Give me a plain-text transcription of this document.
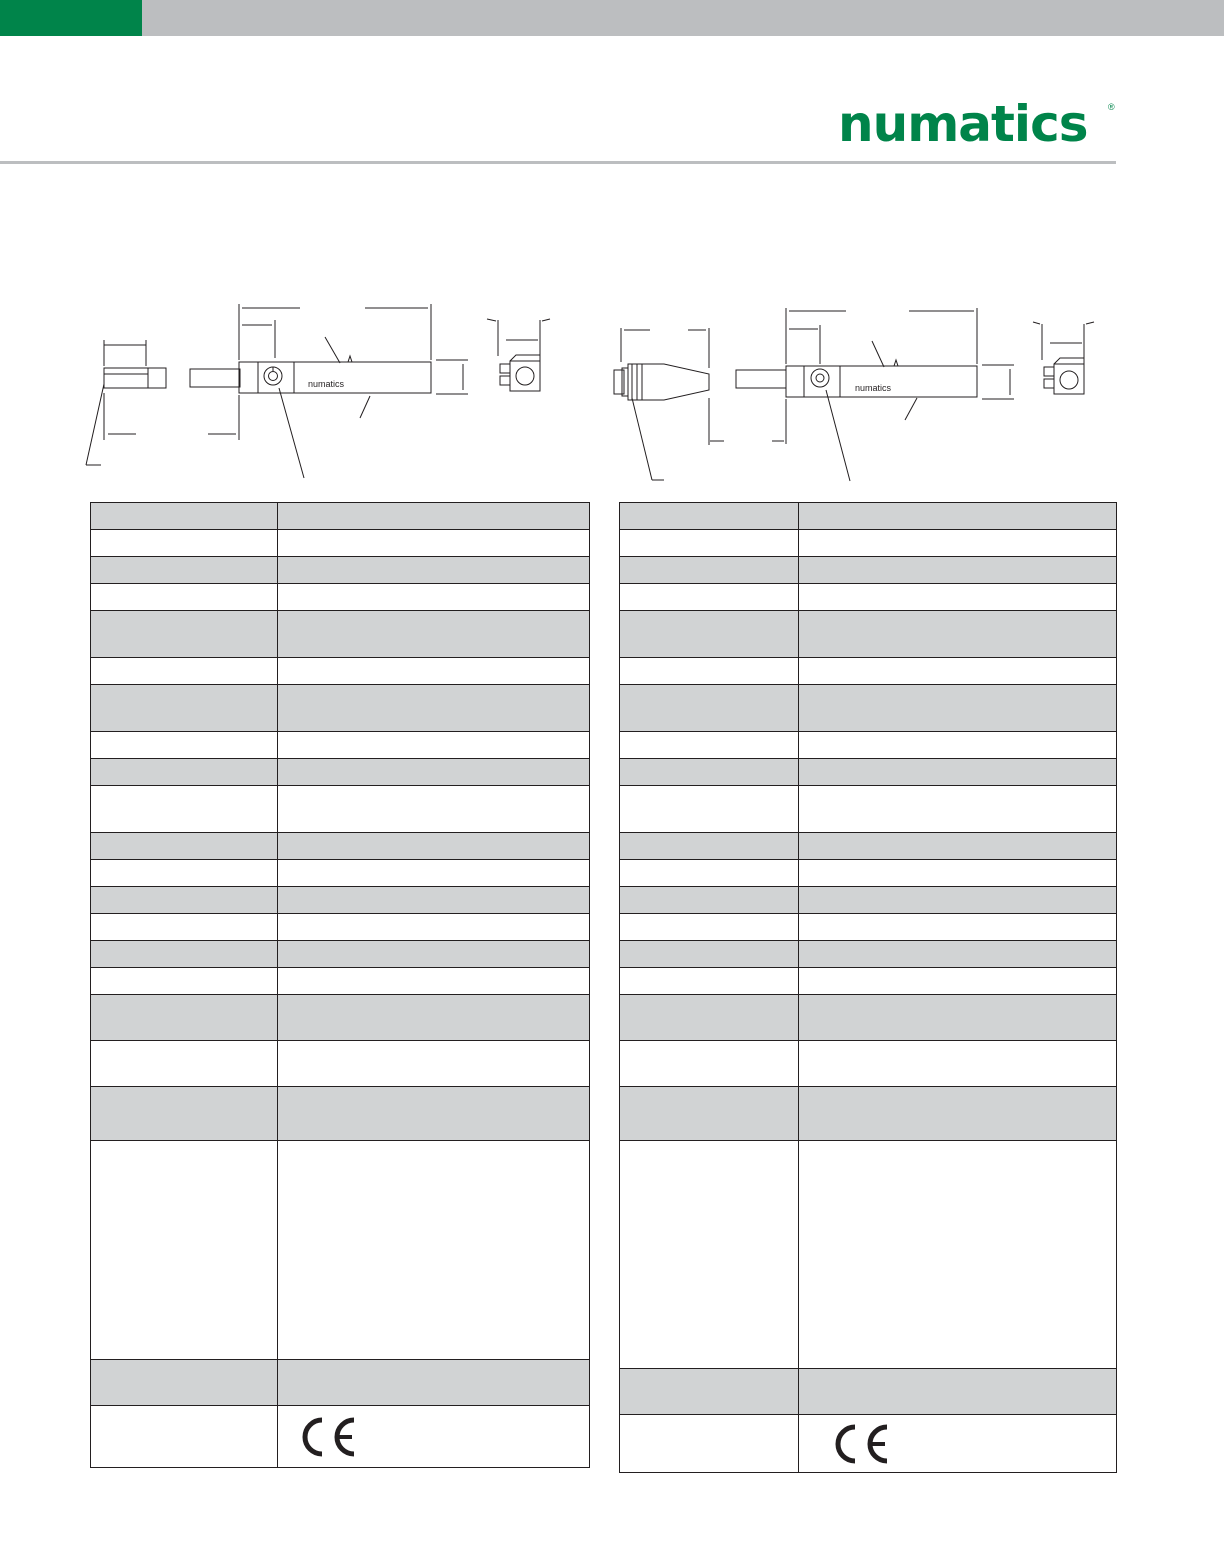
numatics	®
numatics	numatics
